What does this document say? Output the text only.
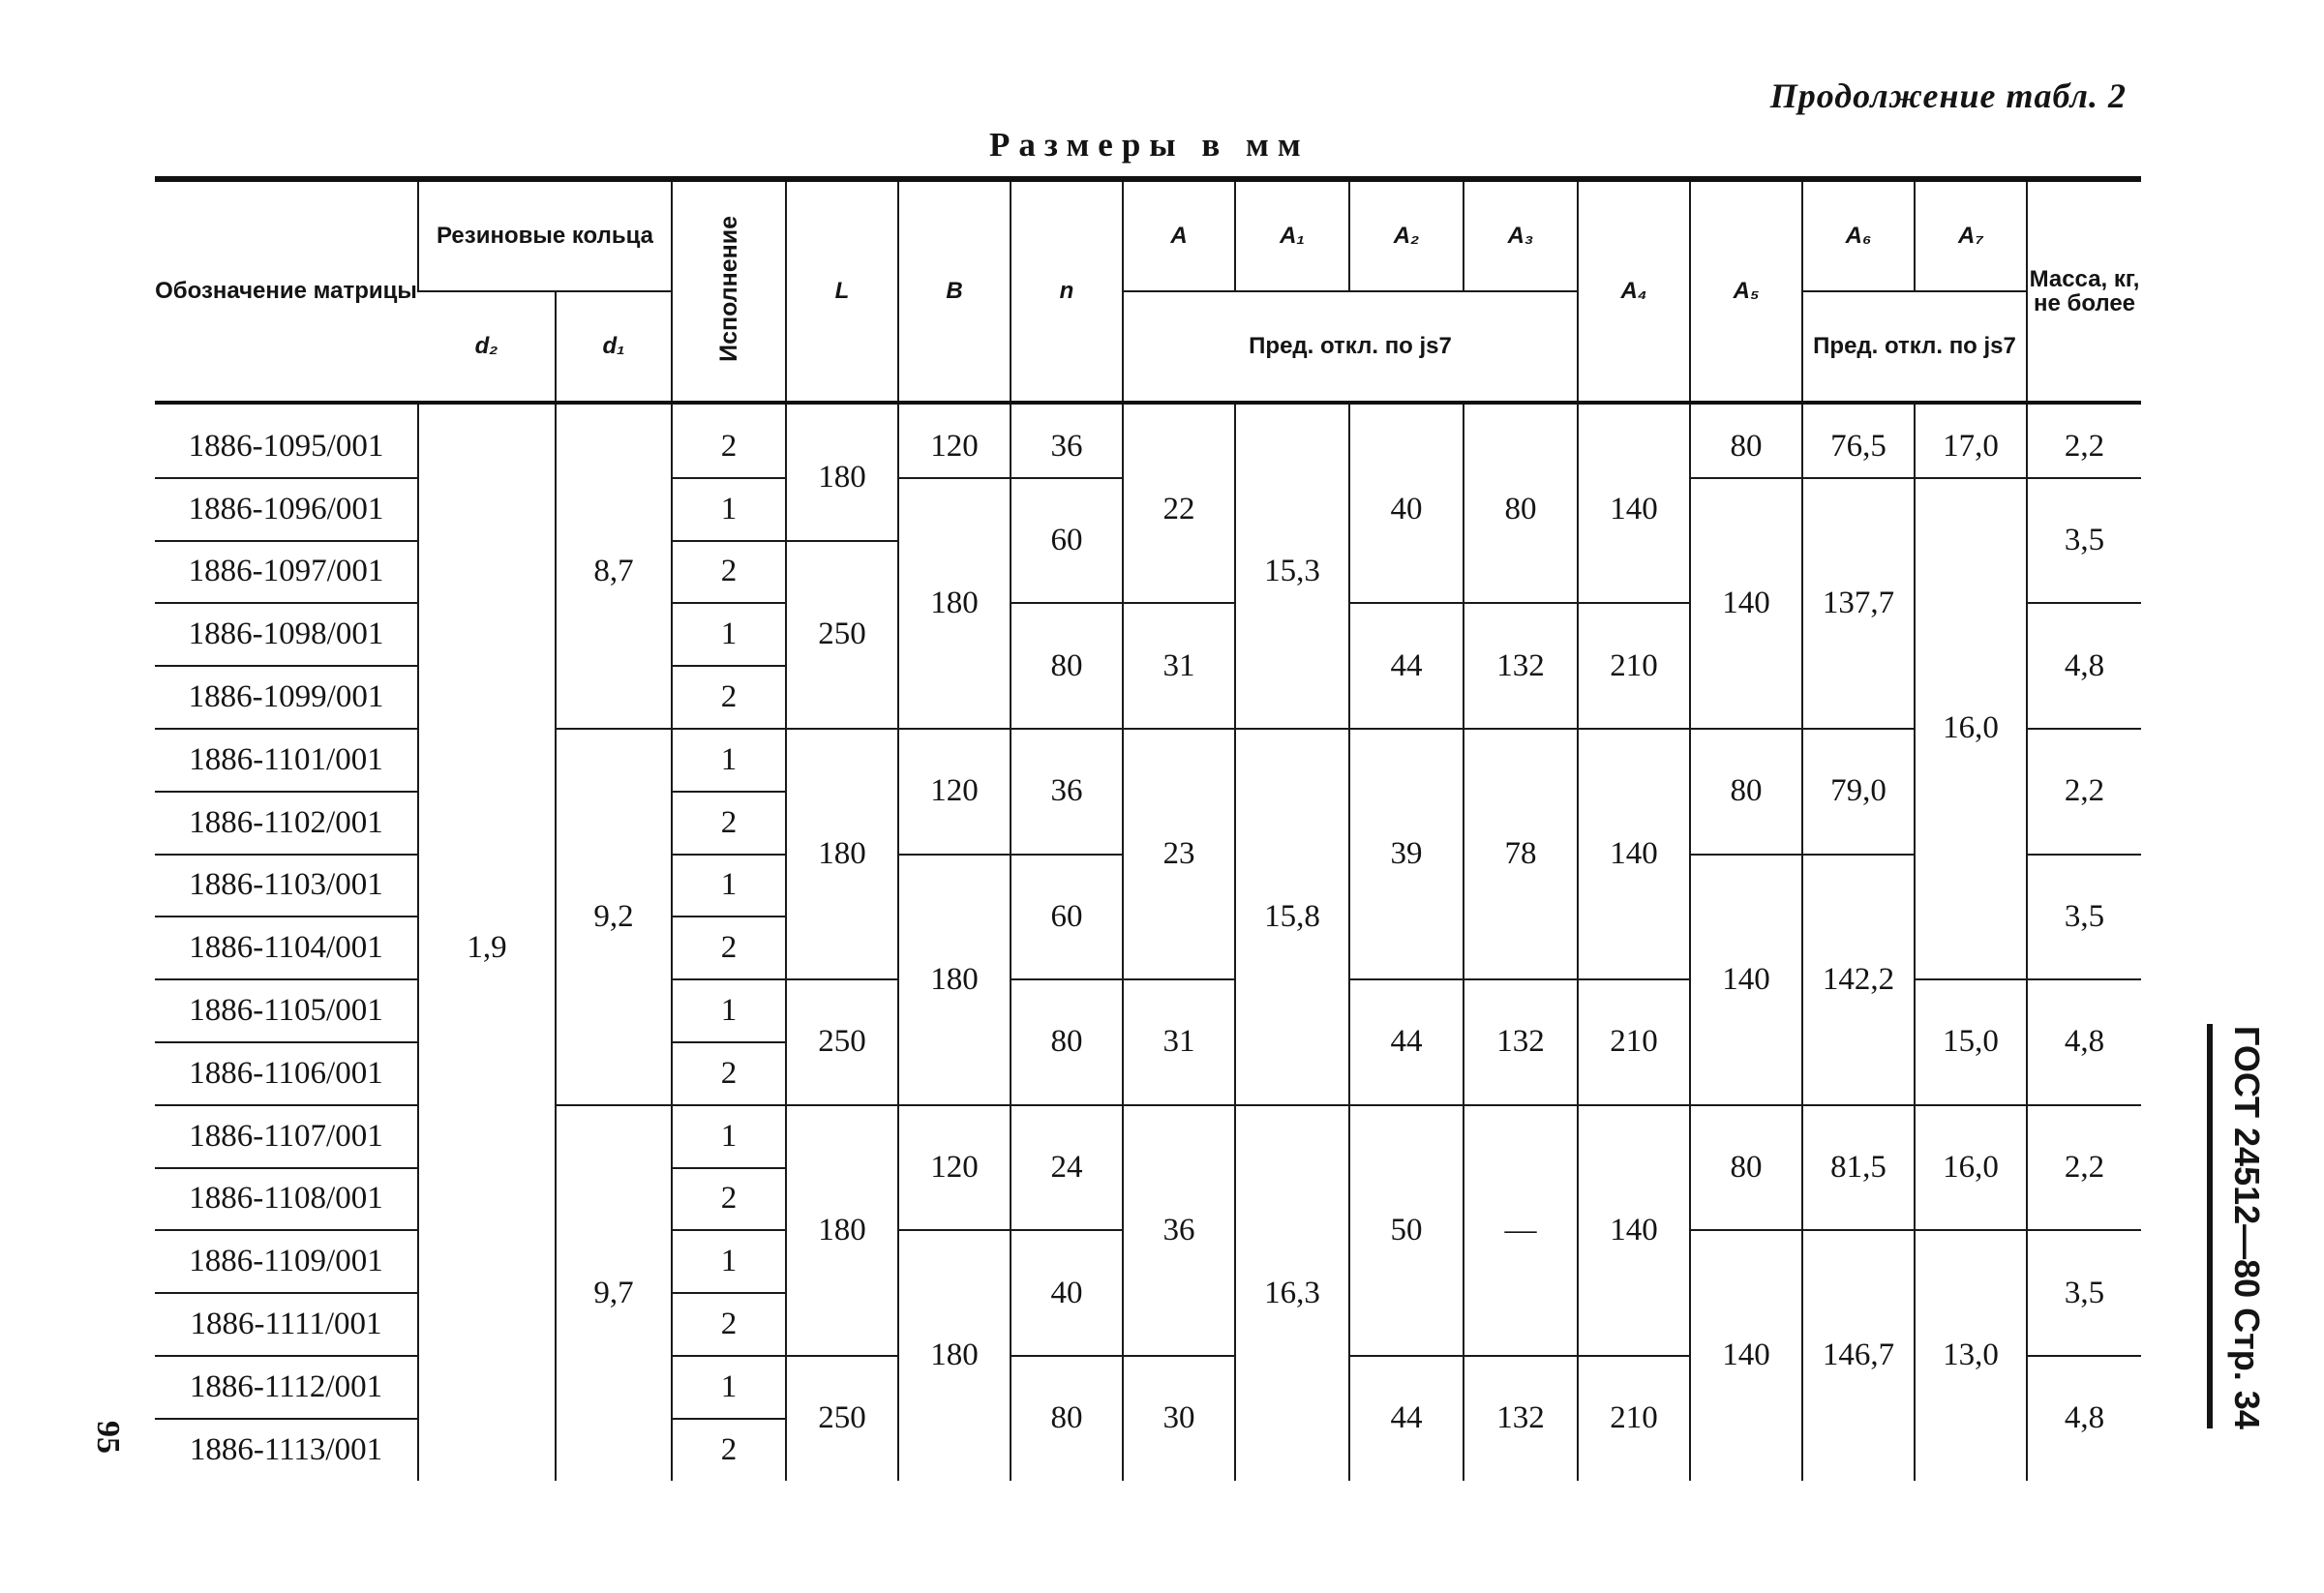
Продолжение табл. 2
Размеры в мм
ГОСТ 24512—80 Стр. 34
95
Обозначение матрицы	Резиновые кольца		Исполнение	L	B	n	A	A₁	A₂	A₃	A₄	A₅	A₆	A₇	Масса, кг, не более
	d₂	d₁					Пред. откл. по js7						Пред. откл. по js7		
1886-1095/001	1,9	8,7	2	180	120	36	22	15,3	40	80	140	80	76,5	17,0	2,2
1886-1096/001			1		180	60						140	137,7	16,0	3,5
1886-1097/001			2	250											
1886-1098/001			1			80	31		44	132	210				4,8
1886-1099/001			2												
1886-1101/001		9,2	1	180	120	36	23	15,8	39	78	140	80	79,0		2,2
1886-1102/001			2												
1886-1103/001			1		180	60						140	142,2		3,5
1886-1104/001			2												
1886-1105/001			1	250		80	31		44	132	210			15,0	4,8
1886-1106/001			2												
1886-1107/001		9,7	1	180	120	24	36	16,3	50	—	140	80	81,5	16,0	2,2
1886-1108/001			2												
1886-1109/001			1		180	40						140	146,7	13,0	3,5
1886-1111/001			2												
1886-1112/001			1	250		80	30		44	132	210				4,8
1886-1113/001			2												
